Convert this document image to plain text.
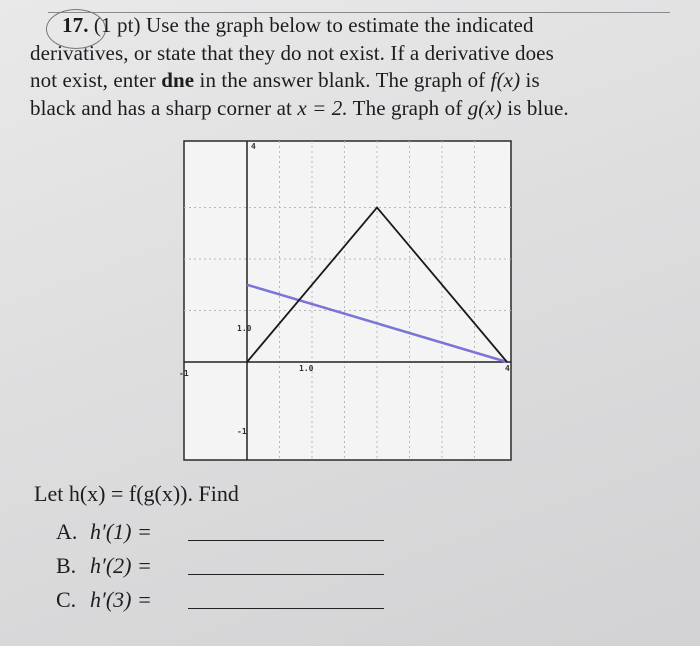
17. (1 pt) Use the graph below to estimate the indicated
derivatives, or state that they do not exist. If a derivative does
not exist, enter dne in the answer blank. The graph of f(x) is
black and has a sharp corner at x = 2. The graph of g(x) is blue.
4
1.0
-1
1.0	4
-1
Let h(x) = f(g(x)). Find
A. h′(1) =
B. h′(2) =
C. h′(3) =
